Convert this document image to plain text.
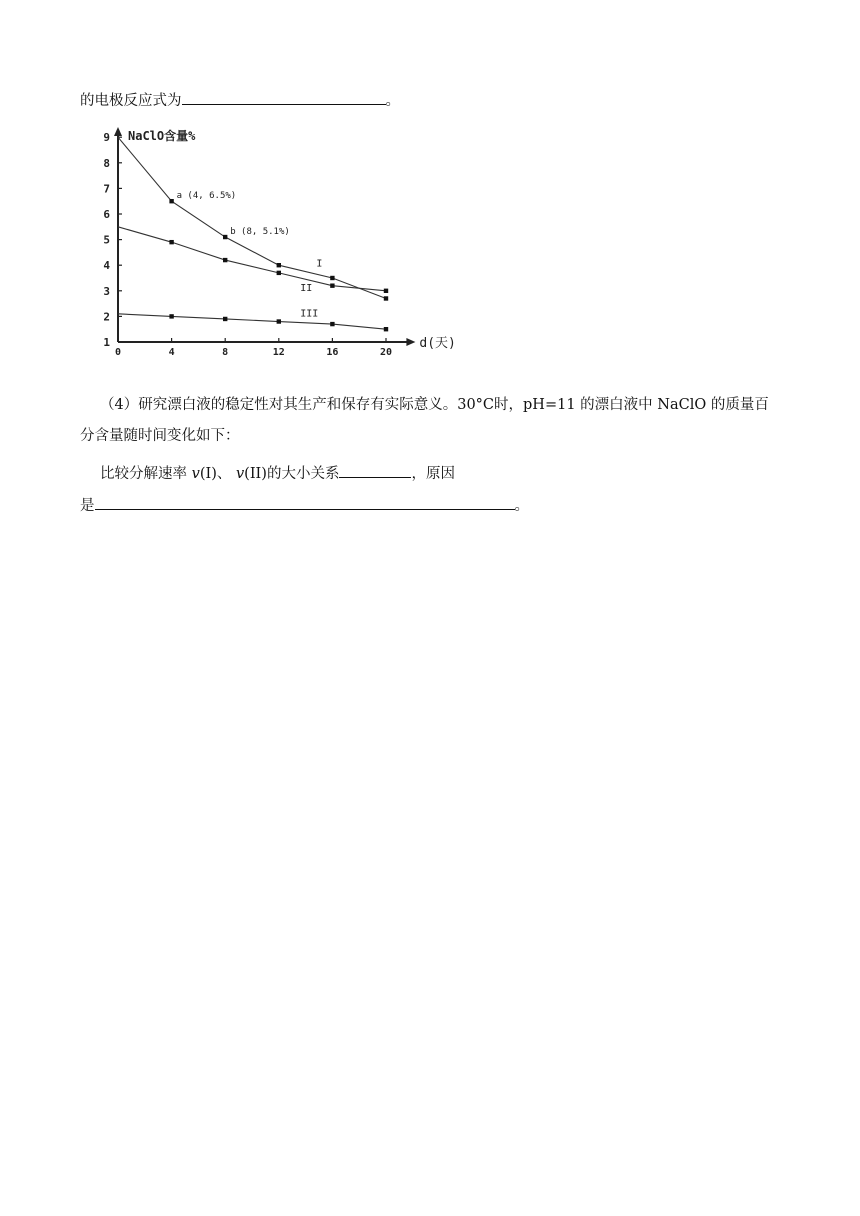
的电极反应式为	。
NaClO含量%
d(天)
0	4	8	12	16	20
1
2
3
4
5
6
7
8
9
I
II
III
a (4, 6.5%)
b (8, 5.1%)
（4）研究漂白液的稳定性对其生产和保存有实际意义。30°C时，pH=11 的漂白液中 NaClO 的质量百
分含量随时间变化如下：
比较分解速率 v(I)、 v(II)的大小关系	，原因
是	。
